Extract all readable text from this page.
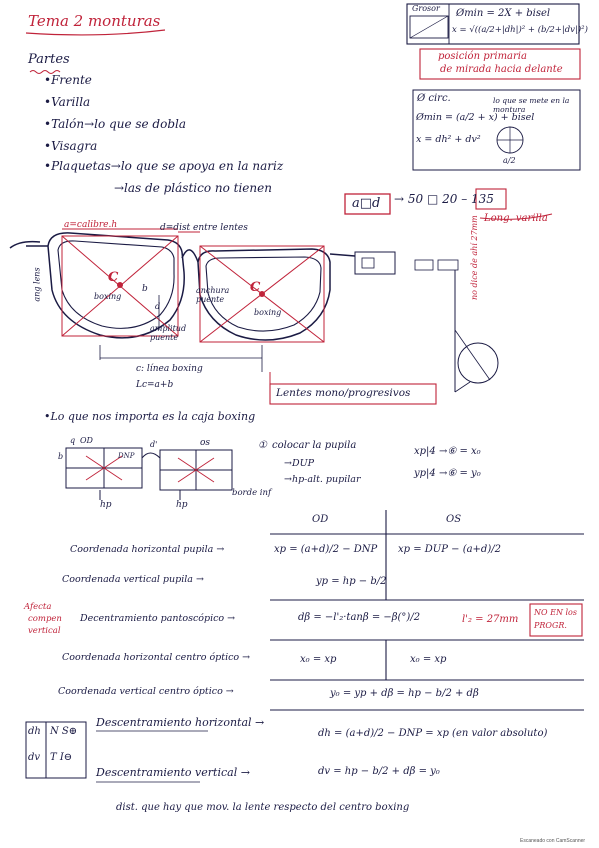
Tema 2 monturas
Partes
•Frente
•Varilla
•Talón→lo que se dobla
•Visagra
•Plaquetas→lo que se apoya en la nariz
→las de plástico no tienen
Grosor Ømin = 2X + bisel
x = √((a/2+|dh|)² + (b/2+|dv|)²)
posición primaria
de mirada hacia delante
Ø circ.
Ømin = (a/2 + x) + bisel
x = dh² + dv²
lo que se mete en la montura
a/2
a□d → 50 □ 20 – 135
Long. varilla
a=calibre.h	d=dist entre lentes
C
C
boxing
boxing
b
ang lens
d
amplitud puente
anchura puente
c: línea boxing
Lc=a+b
no dice de ahí 27mm
Lentes mono/progresivos
•Lo que nos importa es la caja boxing
OD
q
b
os
d'
DNP
hp	hp
borde inf
① colocar la pupila
→DUP
→hp-alt. pupilar
xp|4 →⑥ = x₀
yp|4 →⑥ = y₀
OD	OS
Coordenada horizontal pupila →	xp = (a+d)/2 − DNP xp = DUP − (a+d)/2
Coordenada vertical pupila →	yp = hp − b/2
Afecta
compen
vertical
Decentramiento pantoscópico →	dβ = −l'₂·tanβ = −β(°)/2	l'₂ = 27mm
NO EN los PROGR.
Coordenada horizontal centro óptico →	x₀ = xp	x₀ = xp
Coordenada vertical centro óptico →	y₀ = yp + dβ = hp − b/2 + dβ
dh
dv
N S⊕
T I⊖
Descentramiento horizontal →
dh = (a+d)/2 − DNP = xp (en valor absoluto)
Descentramiento vertical →	dv = hp − b/2 + dβ = y₀
dist. que hay que mov. la lente respecto del centro boxing
Escaneado con CamScanner
